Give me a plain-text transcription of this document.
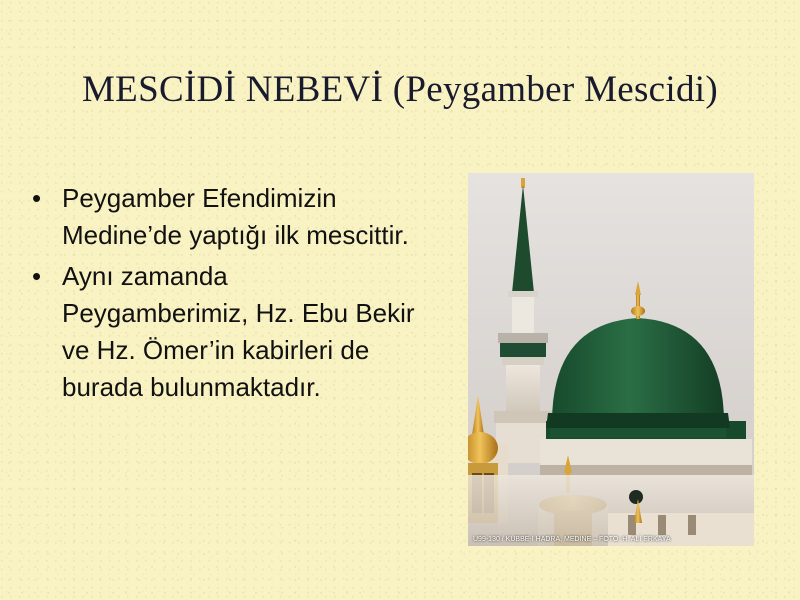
MESCİDİ NEBEVİ (Peygamber Mescidi)
• Peygamber Efendimizin Medine’de yaptığı ilk mescittir.
• Aynı zamanda Peygamberimiz, Hz. Ebu Bekir ve Hz. Ömer’in kabirleri de burada bulunmaktadır.
U99-130 / KUBBE-İ HADRA, MEDİNE – FOTO: H. ALİ ERKAYA
